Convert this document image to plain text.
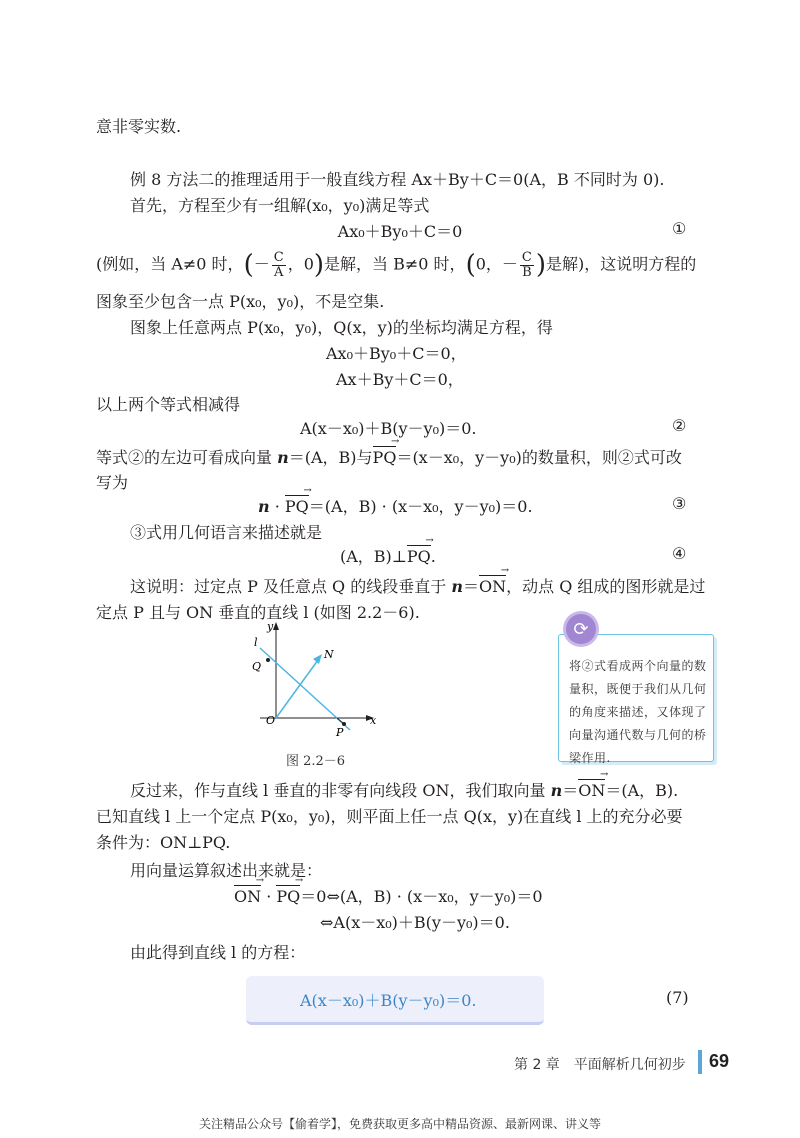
意非零实数.
例 8 方法二的推理适用于一般直线方程 Ax＋By＋C＝0(A，B 不同时为 0).
首先，方程至少有一组解(x₀，y₀)满足等式
Ax₀＋By₀＋C＝0	①
(例如，当 A≠0 时，(－ $\frac{C}{A}$ ，0)是解，当 B≠0 时，(0，－ $\frac{C}{B}$ )是解)，这说明方程的
图象至少包含一点 P(x₀，y₀)，不是空集.
图象上任意两点 P(x₀，y₀)，Q(x，y)的坐标均满足方程，得
Ax₀＋By₀＋C＝0，
Ax＋By＋C＝0，
以上两个等式相减得
A(x－x₀)＋B(y－y₀)＝0.	②
等式②的左边可看成向量 n＝(A，B)与PQ →＝(x－x₀，y－y₀)的数量积，则②式可改
写为
n · PQ →＝(A，B) · (x－x₀，y－y₀)＝0.	③
③式用几何语言来描述就是
(A，B)⊥PQ →.	④
这说明：过定点 P 及任意点 Q 的线段垂直于 n＝ON →，动点 Q 组成的图形就是过
定点 P 且与 ON 垂直的直线 l (如图 2.2－6).
y
x
O
l
Q
N
P
图 2.2－6
将②式看成两个向量的数量积，既便于我们从几何的角度来描述，又体现了向量沟通代数与几何的桥梁作用.
⟳
反过来，作与直线 l 垂直的非零有向线段 ON，我们取向量 n＝ON →＝(A，B).
已知直线 l 上一个定点 P(x₀，y₀)，则平面上任一点 Q(x，y)在直线 l 上的充分必要
条件为：ON⊥PQ.
用向量运算叙述出来就是：
ON → · PQ →＝0⇔(A，B) · (x－x₀，y－y₀)＝0
⇔A(x－x₀)＋B(y－y₀)＝0.
由此得到直线 l 的方程：
A(x－x₀)＋B(y－y₀)＝0.	(7)
第 2 章　平面解析几何初步 69
关注精品公众号【偷着学】，免费获取更多高中精品资源、最新网课、讲义等
